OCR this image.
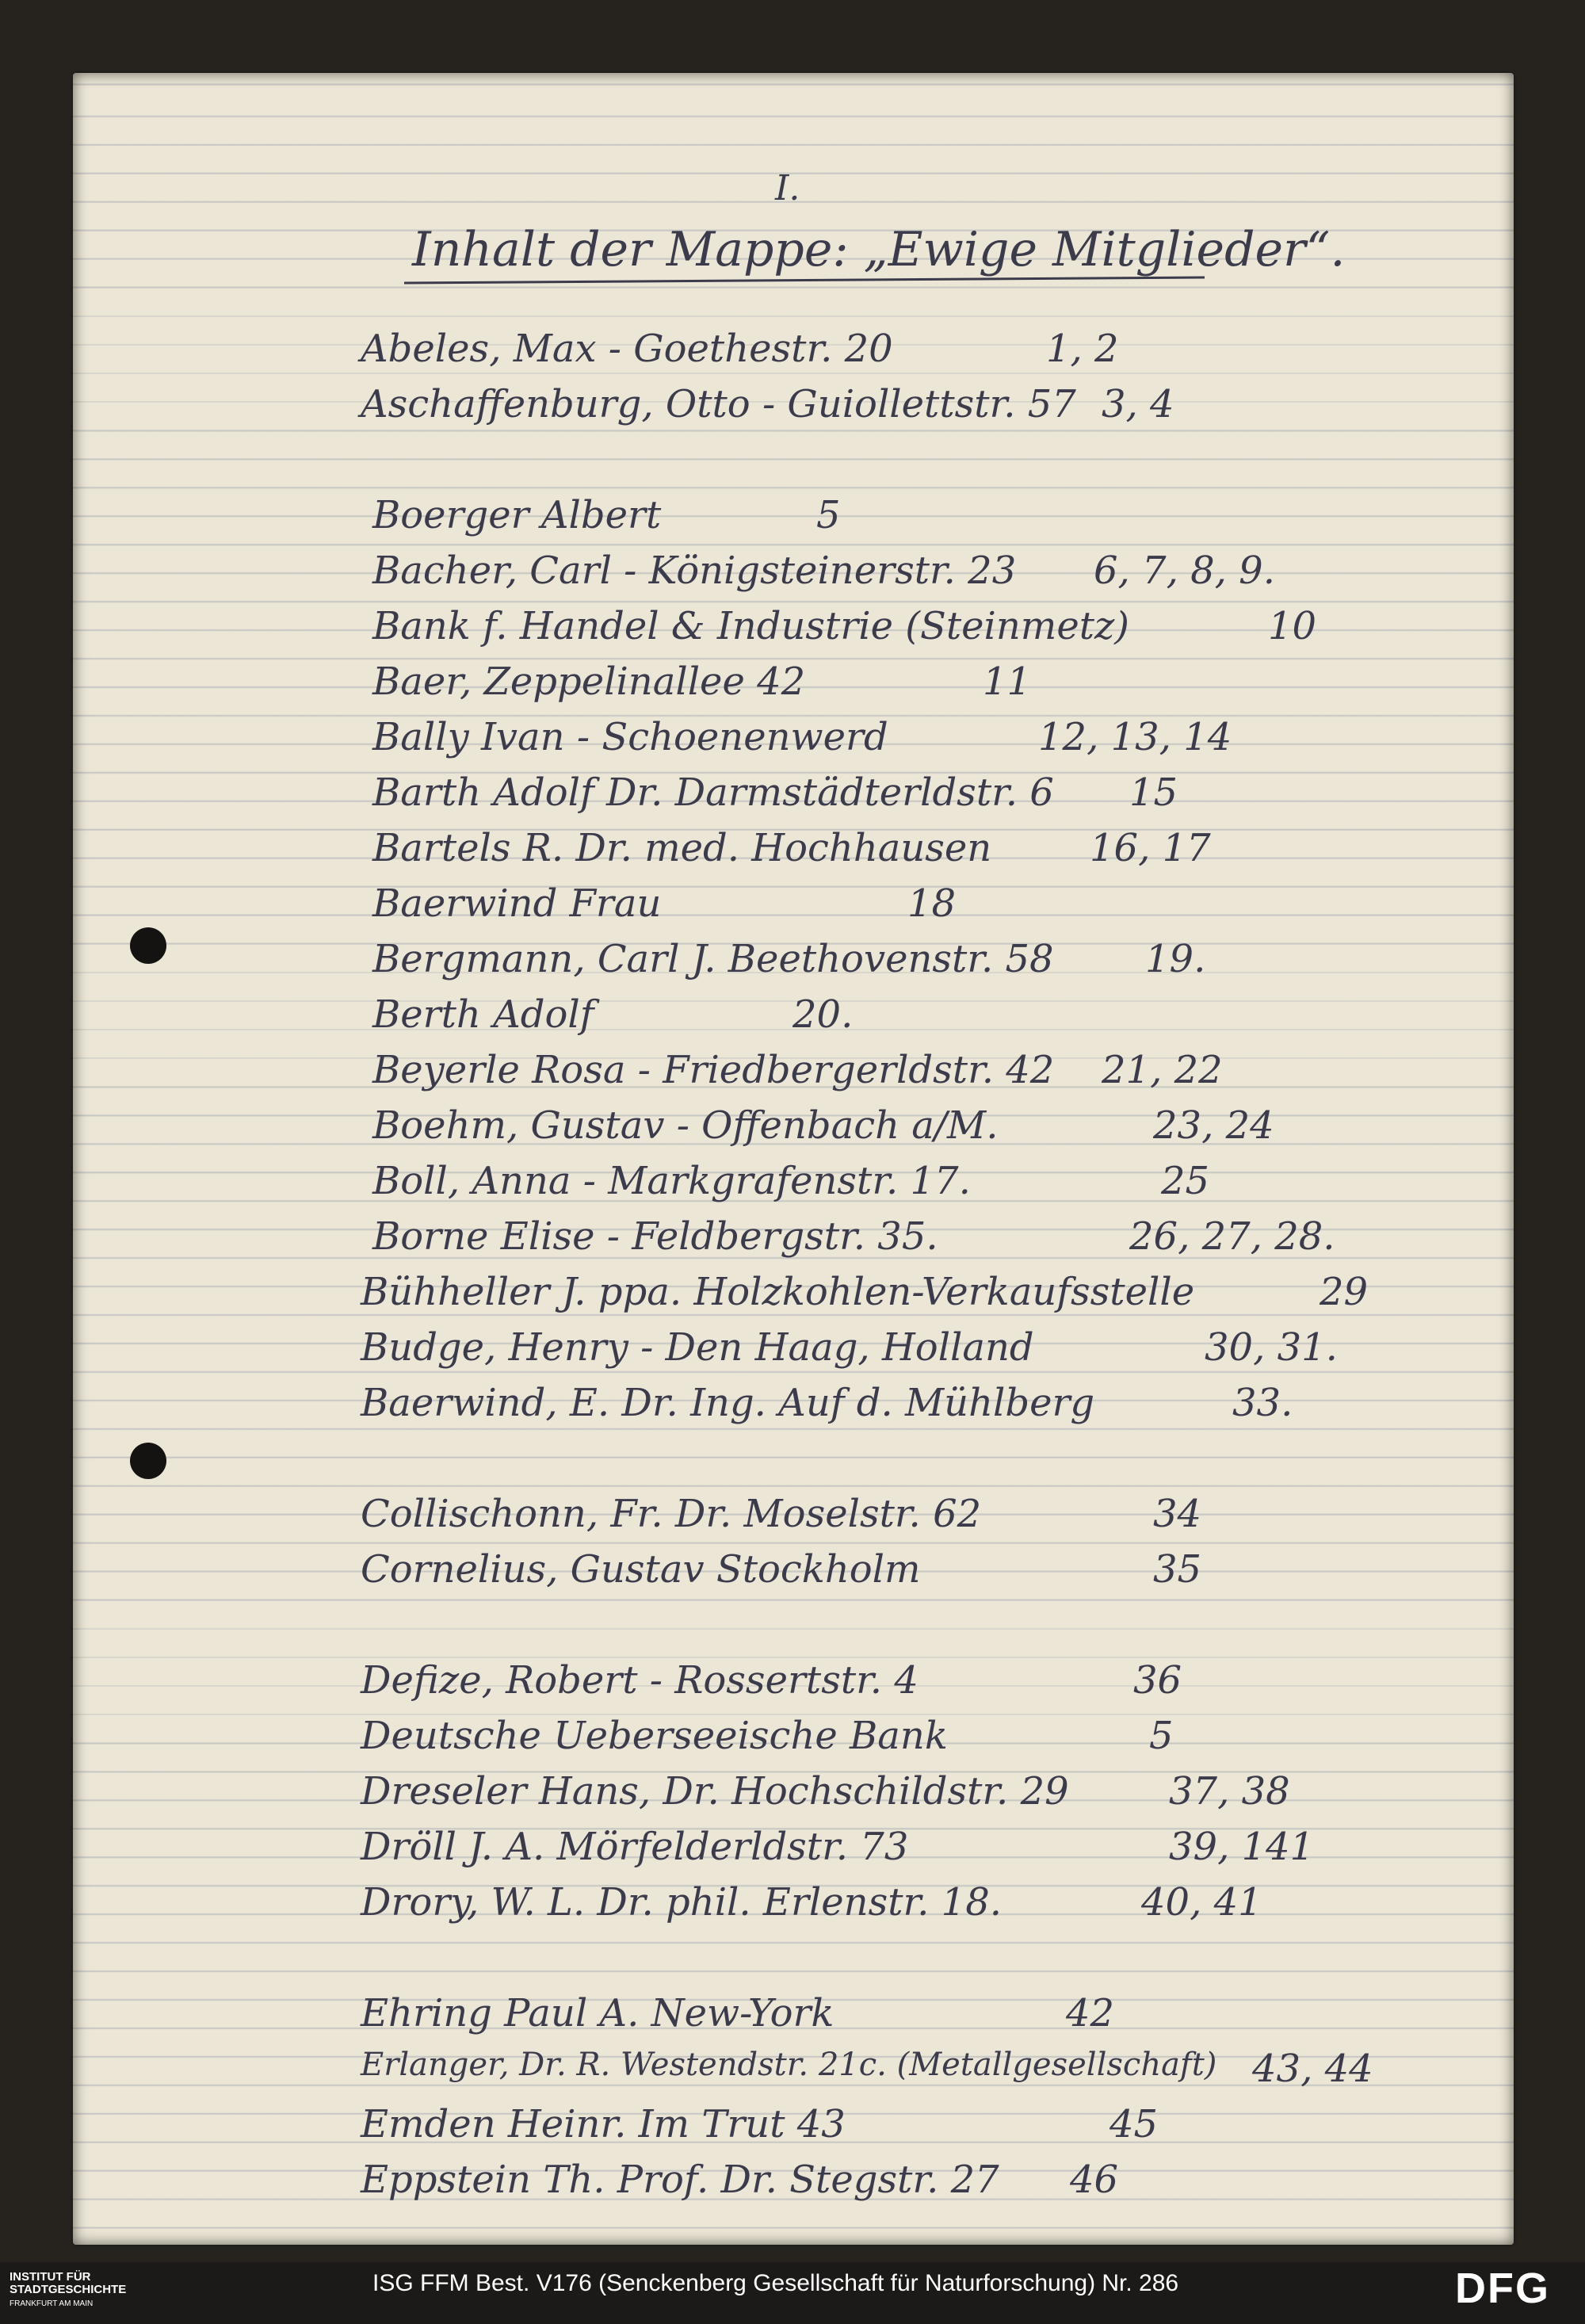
I.
Inhalt der Mappe: „Ewige Mitglieder“.
Abeles, Max - Goethestr. 20	1, 2
Aschaffenburg, Otto - Guiollettstr. 57 3, 4
Boerger Albert	5
Bacher, Carl - Königsteinerstr. 23 6, 7, 8, 9.
Bank f. Handel & Industrie (Steinmetz)	10
Baer, Zeppelinallee 42	11
Bally Ivan - Schoenenwerd	12, 13, 14
Barth Adolf Dr. Darmstädterldstr. 6 15
Bartels R. Dr. med. Hochhausen	16, 17
Baerwind Frau	18
Bergmann, Carl J. Beethovenstr. 58 19.
Berth Adolf	20.
Beyerle Rosa - Friedbergerldstr. 42 21, 22
Boehm, Gustav - Offenbach a/M.	23, 24
Boll, Anna - Markgrafenstr. 17.	25
Borne Elise - Feldbergstr. 35.	26, 27, 28.
Bühheller J. ppa. Holzkohlen-Verkaufsstelle	29
Budge, Henry - Den Haag, Holland	30, 31.
Baerwind, E. Dr. Ing. Auf d. Mühlberg	33.
Collischonn, Fr. Dr. Moselstr. 62	34
Cornelius, Gustav Stockholm	35
Defize, Robert - Rossertstr. 4	36
Deutsche Ueberseeische Bank	5
Dreseler Hans, Dr. Hochschildstr. 29	37, 38
Dröll J. A. Mörfelderldstr. 73	39, 141
Drory, W. L. Dr. phil. Erlenstr. 18.	40, 41
Ehring Paul A. New-York	42
Erlanger, Dr. R. Westendstr. 21c. (Metallgesellschaft) 43, 44
Emden Heinr. Im Trut 43	45
Eppstein Th. Prof. Dr. Stegstr. 27 46
INSTITUT FÜR
STADTGESCHICHTE
FRANKFURT AM MAIN
ISG FFM Best. V176 (Senckenberg Gesellschaft für Naturforschung) Nr. 286	DFG
